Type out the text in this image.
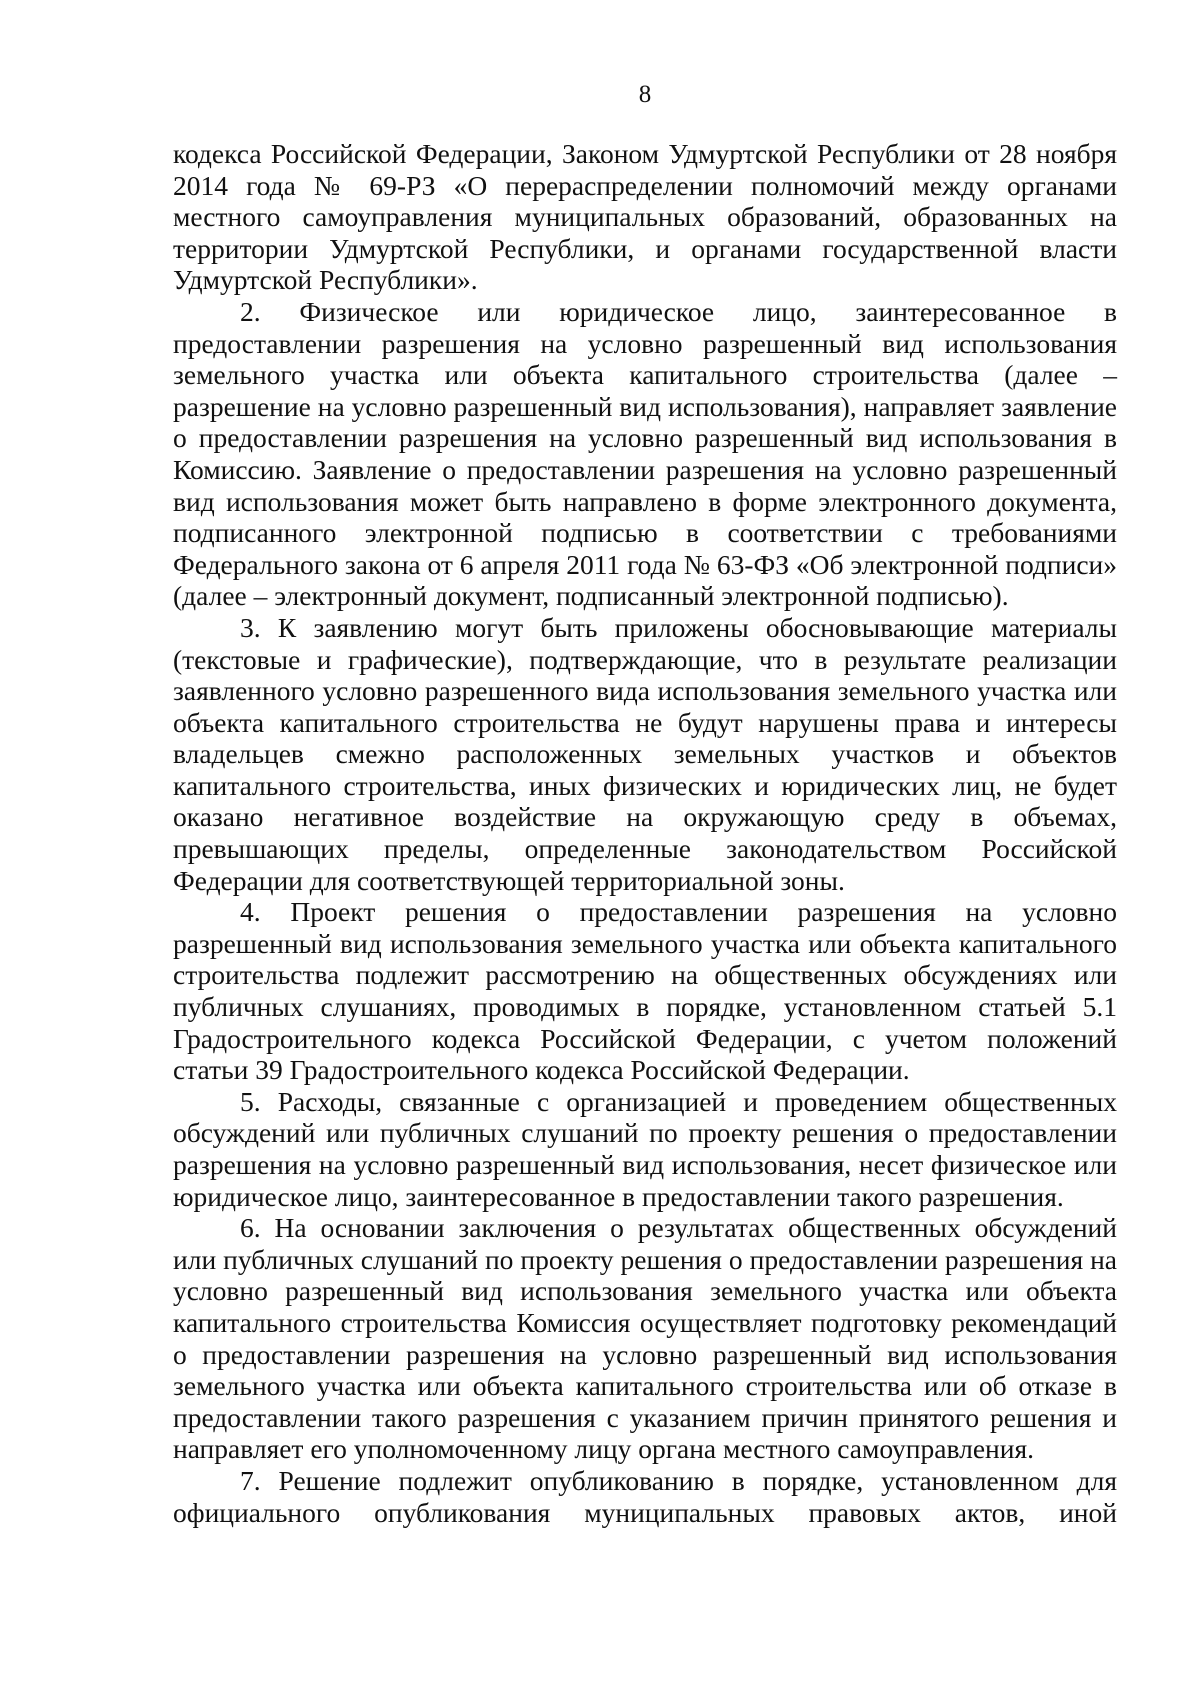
8

кодекса Российской Федерации, Законом Удмуртской Республики от 28 ноября 2014 года № 69-РЗ «О перераспределении полномочий между органами местного самоуправления муниципальных образований, образованных на территории Удмуртской Республики, и органами государственной власти Удмуртской Республики».

2. Физическое или юридическое лицо, заинтересованное в предоставлении разрешения на условно разрешенный вид использования земельного участка или объекта капитального строительства (далее – разрешение на условно разрешенный вид использования), направляет заявление о предоставлении разрешения на условно разрешенный вид использования в Комиссию. Заявление о предоставлении разрешения на условно разрешенный вид использования может быть направлено в форме электронного документа, подписанного электронной подписью в соответствии с требованиями Федерального закона от 6 апреля 2011 года № 63-ФЗ «Об электронной подписи» (далее – электронный документ, подписанный электронной подписью).

3. К заявлению могут быть приложены обосновывающие материалы (текстовые и графические), подтверждающие, что в результате реализации заявленного условно разрешенного вида использования земельного участка или объекта капитального строительства не будут нарушены права и интересы владельцев смежно расположенных земельных участков и объектов капитального строительства, иных физических и юридических лиц, не будет оказано негативное воздействие на окружающую среду в объемах, превышающих пределы, определенные законодательством Российской Федерации для соответствующей территориальной зоны.

4. Проект решения о предоставлении разрешения на условно разрешенный вид использования земельного участка или объекта капитального строительства подлежит рассмотрению на общественных обсуждениях или публичных слушаниях, проводимых в порядке, установленном статьей 5.1 Градостроительного кодекса Российской Федерации, с учетом положений статьи 39 Градостроительного кодекса Российской Федерации.

5. Расходы, связанные с организацией и проведением общественных обсуждений или публичных слушаний по проекту решения о предоставлении разрешения на условно разрешенный вид использования, несет физическое или юридическое лицо, заинтересованное в предоставлении такого разрешения.

6. На основании заключения о результатах общественных обсуждений или публичных слушаний по проекту решения о предоставлении разрешения на условно разрешенный вид использования земельного участка или объекта капитального строительства Комиссия осуществляет подготовку рекомендаций о предоставлении разрешения на условно разрешенный вид использования земельного участка или объекта капитального строительства или об отказе в предоставлении такого разрешения с указанием причин принятого решения и направляет его уполномоченному лицу органа местного самоуправления.

7. Решение подлежит опубликованию в порядке, установленном для официального опубликования муниципальных правовых актов, иной
